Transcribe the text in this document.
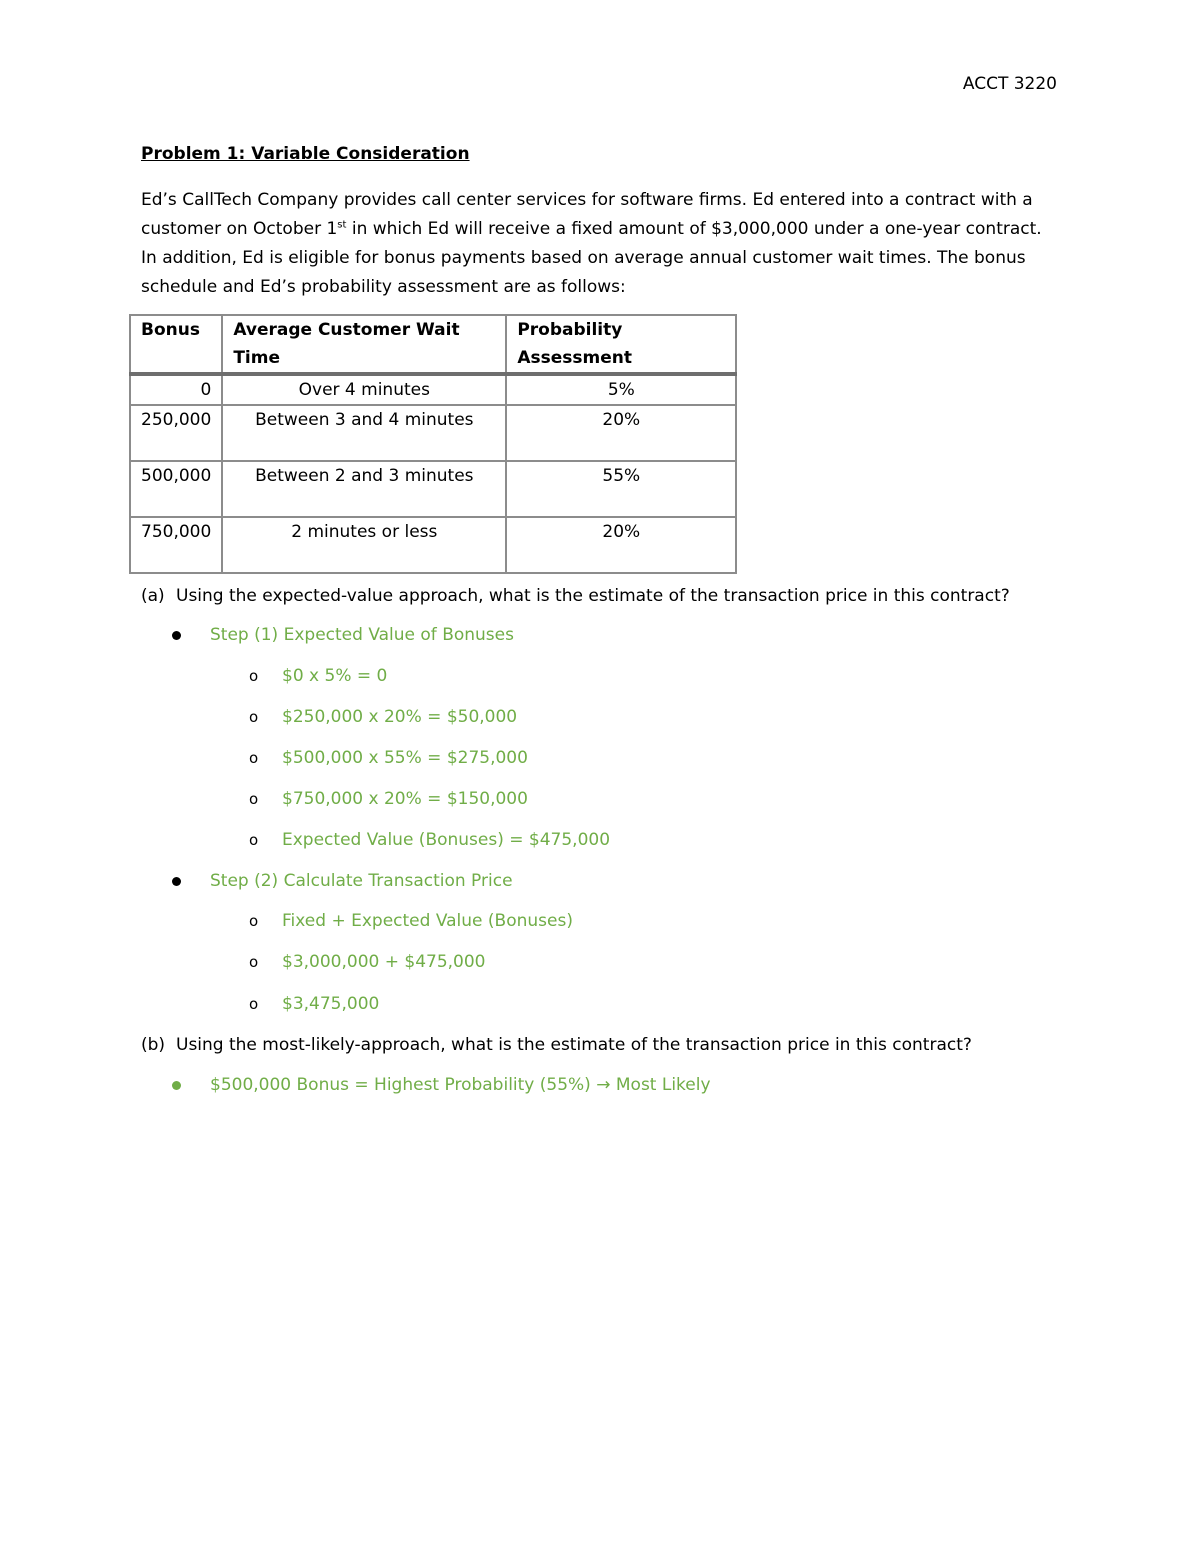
ACCT 3220
Problem 1: Variable Consideration
Ed’s CallTech Company provides call center services for software firms. Ed entered into a contract with a customer on October 1st in which Ed will receive a fixed amount of $3,000,000 under a one-year contract. In addition, Ed is eligible for bonus payments based on average annual customer wait times. The bonus schedule and Ed’s probability assessment are as follows:
Bonus	Average Customer Wait Time	Probability Assessment
0	Over 4 minutes	5%
250,000	Between 3 and 4 minutes	20%
500,000	Between 2 and 3 minutes	55%
750,000	2 minutes or less	20%
(a) Using the expected-value approach, what is the estimate of the transaction price in this contract?
Step (1) Expected Value of Bonuses
o	$0 x 5% = 0
o	$250,000 x 20% = $50,000
o	$500,000 x 55% = $275,000
o	$750,000 x 20% = $150,000
o	Expected Value (Bonuses) = $475,000
Step (2) Calculate Transaction Price
o	Fixed + Expected Value (Bonuses)
o	$3,000,000 + $475,000
o	$3,475,000
(b) Using the most-likely-approach, what is the estimate of the transaction price in this contract?
$500,000 Bonus = Highest Probability (55%) → Most Likely
